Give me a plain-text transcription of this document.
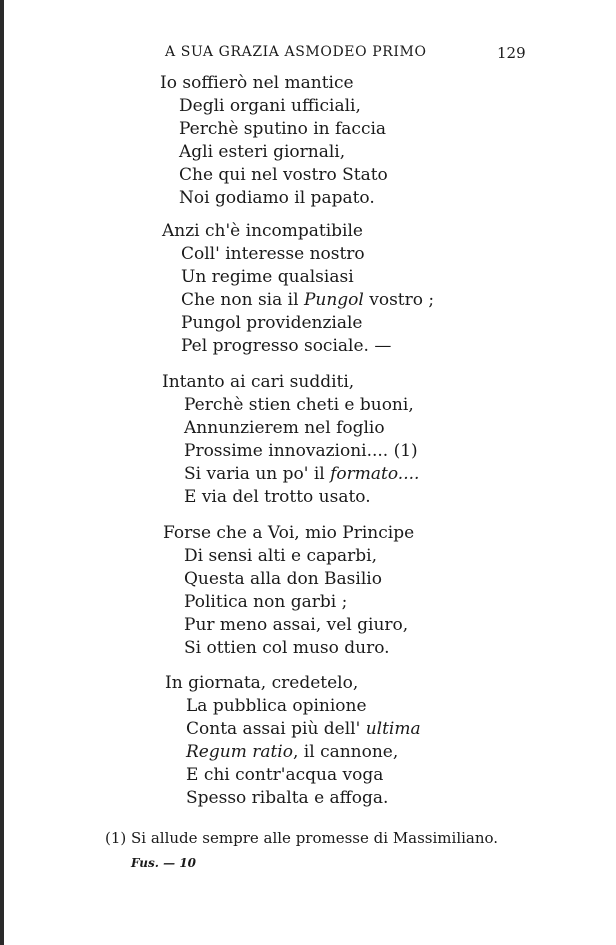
A SUA GRAZIA ASMODEO PRIMO	129
Io soffierò nel mantice
Degli organi ufficiali,
Perchè sputino in faccia
Agli esteri giornali,
Che qui nel vostro Stato
Noi godiamo il papato.
Anzi ch'è incompatibile
Coll' interesse nostro
Un regime qualsiasi
Che non sia il Pungol vostro ;
Pungol providenziale
Pel progresso sociale. —
Intanto ai cari sudditi,
Perchè stien cheti e buoni,
Annunzierem nel foglio
Prossime innovazioni.... (1)
Si varia un po' il formato....
E via del trotto usato.
Forse che a Voi, mio Principe
Di sensi alti e caparbi,
Questa alla don Basilio
Politica non garbi ;
Pur meno assai, vel giuro,
Si ottien col muso duro.
In giornata, credetelo,
La pubblica opinione
Conta assai più dell' ultima
Regum ratio, il cannone,
E chi contr'acqua voga
Spesso ribalta e affoga.
(1) Si allude sempre alle promesse di Massimiliano.
Fus. — 10
